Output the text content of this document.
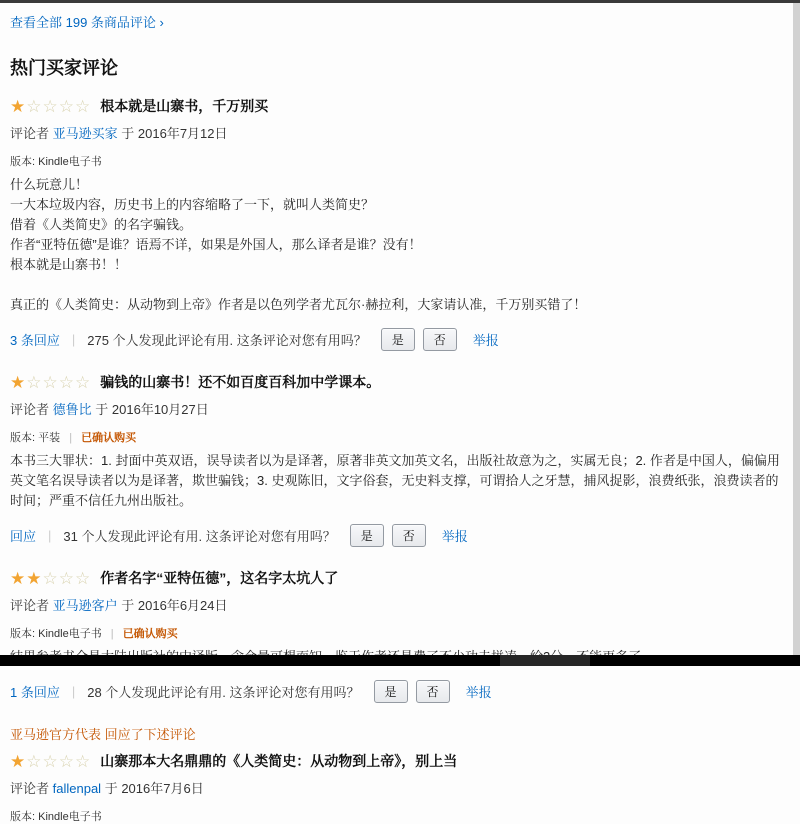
查看全部 199 条商品评论 ›
热门买家评论
★☆☆☆☆ 根本就是山寨书，千万别买
评论者 亚马逊买家 于 2016年7月12日
版本: Kindle电子书
什么玩意儿！
一大本垃圾内容，历史书上的内容缩略了一下，就叫人类简史？
借着《人类简史》的名字骗钱。
作者“亚特伍德”是谁？语焉不详，如果是外国人，那么译者是谁？没有！
根本就是山寨书！！
真正的《人类简史：从动物到上帝》作者是以色列学者尤瓦尔·赫拉利，大家请认准，千万别买错了！
3 条回应 | 275 个人发现此评论有用. 这条评论对您有用吗？	是	否	举报
★☆☆☆☆ 骗钱的山寨书！还不如百度百科加中学课本。
评论者 德鲁比 于 2016年10月27日
版本: 平装 | 已确认购买
本书三大罪状：1. 封面中英双语，误导读者以为是译著，原著非英文加英文名，出版社故意为之，实属无良；2. 作者是中国人，偏偏用英文笔名误导读者以为是译著，欺世骗钱；3. 史观陈旧，文字俗套，无史料支撑，可谓拾人之牙慧，捕风捉影，浪费纸张，浪费读者的时间；严重不信任九州出版社。
回应 | 31 个人发现此评论有用. 这条评论对您有用吗？	是	否	举报
★★☆☆☆ 作者名字“亚特伍德”，这名字太坑人了
评论者 亚马逊客户 于 2016年6月24日
版本: Kindle电子书 | 已确认购买
1 条回应 | 28 个人发现此评论有用. 这条评论对您有用吗？	是	否	举报
亚马逊官方代表 回应了下述评论
★☆☆☆☆ 山寨那本大名鼎鼎的《人类简史：从动物到上帝》，别上当
评论者 fallenpal 于 2016年7月6日
版本: Kindle电子书
